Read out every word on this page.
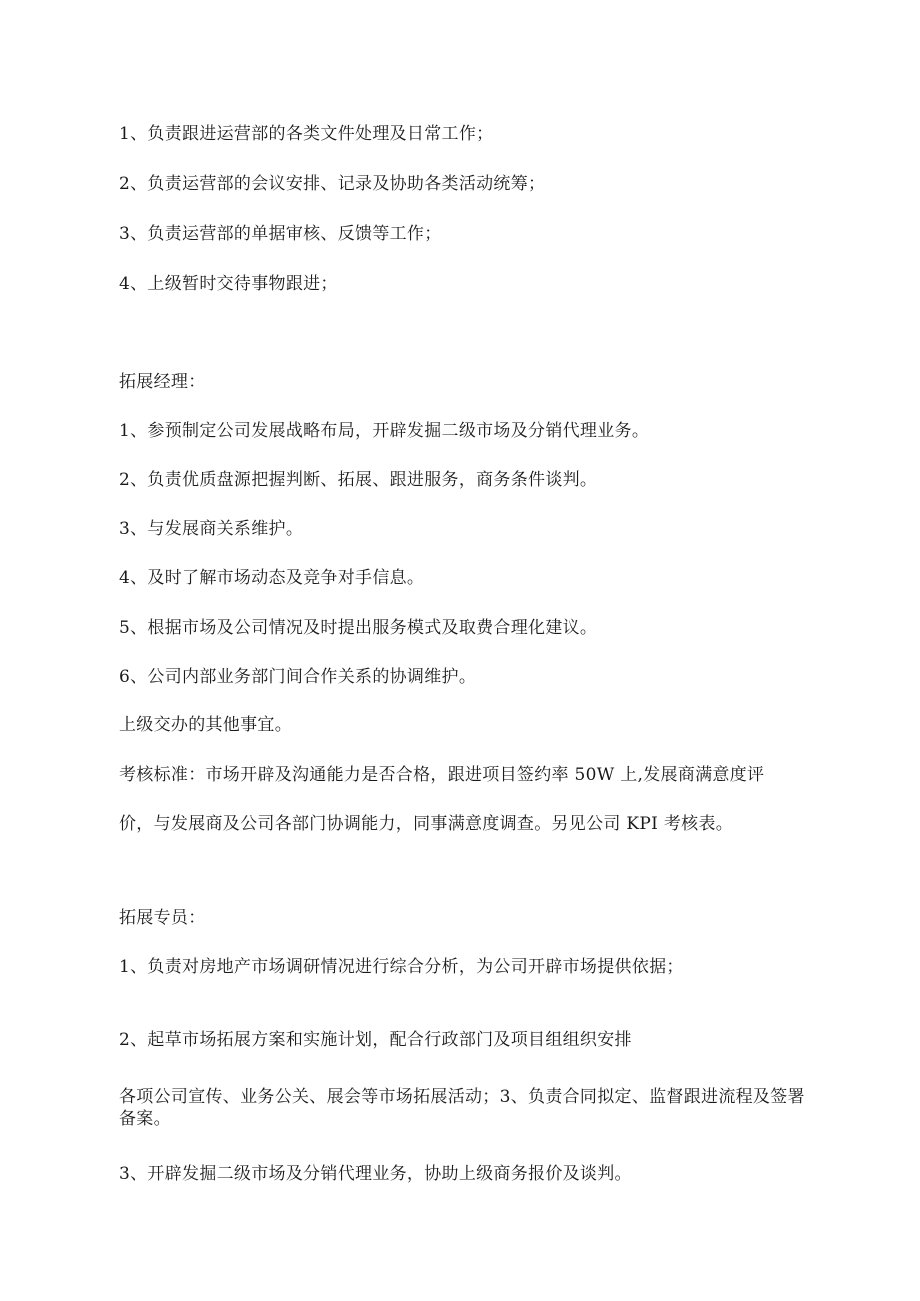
1、负责跟进运营部的各类文件处理及日常工作；

2、负责运营部的会议安排、记录及协助各类活动统筹；

3、负责运营部的单据审核、反馈等工作；

4、上级暂时交待事物跟进；

拓展经理：

1、参预制定公司发展战略布局，开辟发掘二级市场及分销代理业务。

2、负责优质盘源把握判断、拓展、跟进服务，商务条件谈判。

3、与发展商关系维护。

4、及时了解市场动态及竞争对手信息。

5、根据市场及公司情况及时提出服务模式及取费合理化建议。

6、公司内部业务部门间合作关系的协调维护。

上级交办的其他事宜。

考核标准：市场开辟及沟通能力是否合格，跟进项目签约率 50W 上,发展商满意度评

价，与发展商及公司各部门协调能力，同事满意度调查。另见公司 KPI 考核表。

拓展专员：

1、负责对房地产市场调研情况进行综合分析，为公司开辟市场提供依据；

2、起草市场拓展方案和实施计划，配合行政部门及项目组组织安排

各项公司宣传、业务公关、展会等市场拓展活动；3、负责合同拟定、监督跟进流程及签署备案。

3、开辟发掘二级市场及分销代理业务，协助上级商务报价及谈判。
